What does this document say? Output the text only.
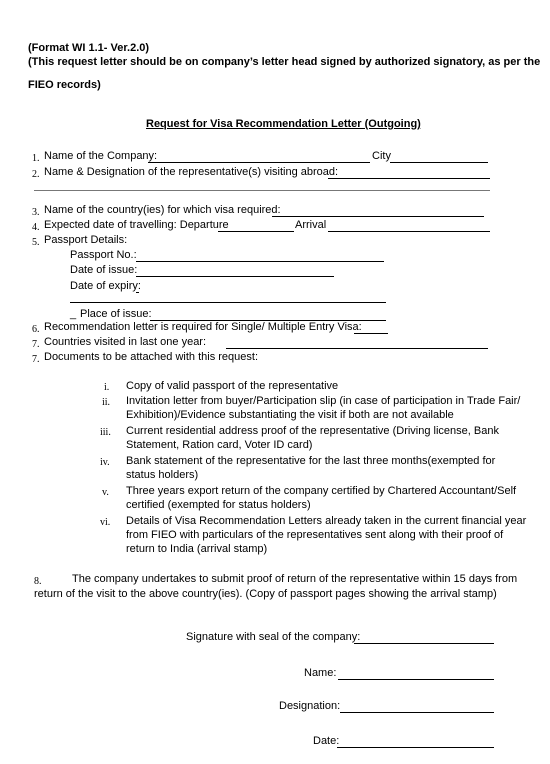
(Format WI 1.1- Ver.2.0)
(This request letter should be on company’s letter head signed by authorized signatory, as per the
FIEO records)
Request for Visa Recommendation Letter (Outgoing)
1. Name of the Company:	City
2. Name & Designation of the representative(s) visiting abroad:
3. Name of the country(ies) for which visa required:
4. Expected date of travelling: Departure	Arrival
5. Passport Details:
Passport No.:
Date of issue:
Date of expiry:
_ Place of issue:
6. Recommendation letter is required for Single/ Multiple Entry Visa:
7. Countries visited in last one year:
7. Documents to be attached with this request:
i. Copy of valid passport of the representative
ii. Invitation letter from buyer/Participation slip (in case of participation in Trade Fair/
Exhibition)/Evidence substantiating the visit if both are not available
iii. Current residential address proof of the representative (Driving license, Bank
Statement, Ration card, Voter ID card)
iv. Bank statement of the representative for the last three months(exempted for
status holders)
v. Three years export return of the company certified by Chartered Accountant/Self
certified (exempted for status holders)
vi. Details of Visa Recommendation Letters already taken in the current financial year
from FIEO with particulars of the representatives sent along with their proof of
return to India (arrival stamp)
8.	The company undertakes to submit proof of return of the representative within 15 days from
return of the visit to the above country(ies). (Copy of passport pages showing the arrival stamp)
Signature with seal of the company:
Name:
Designation:
Date:
